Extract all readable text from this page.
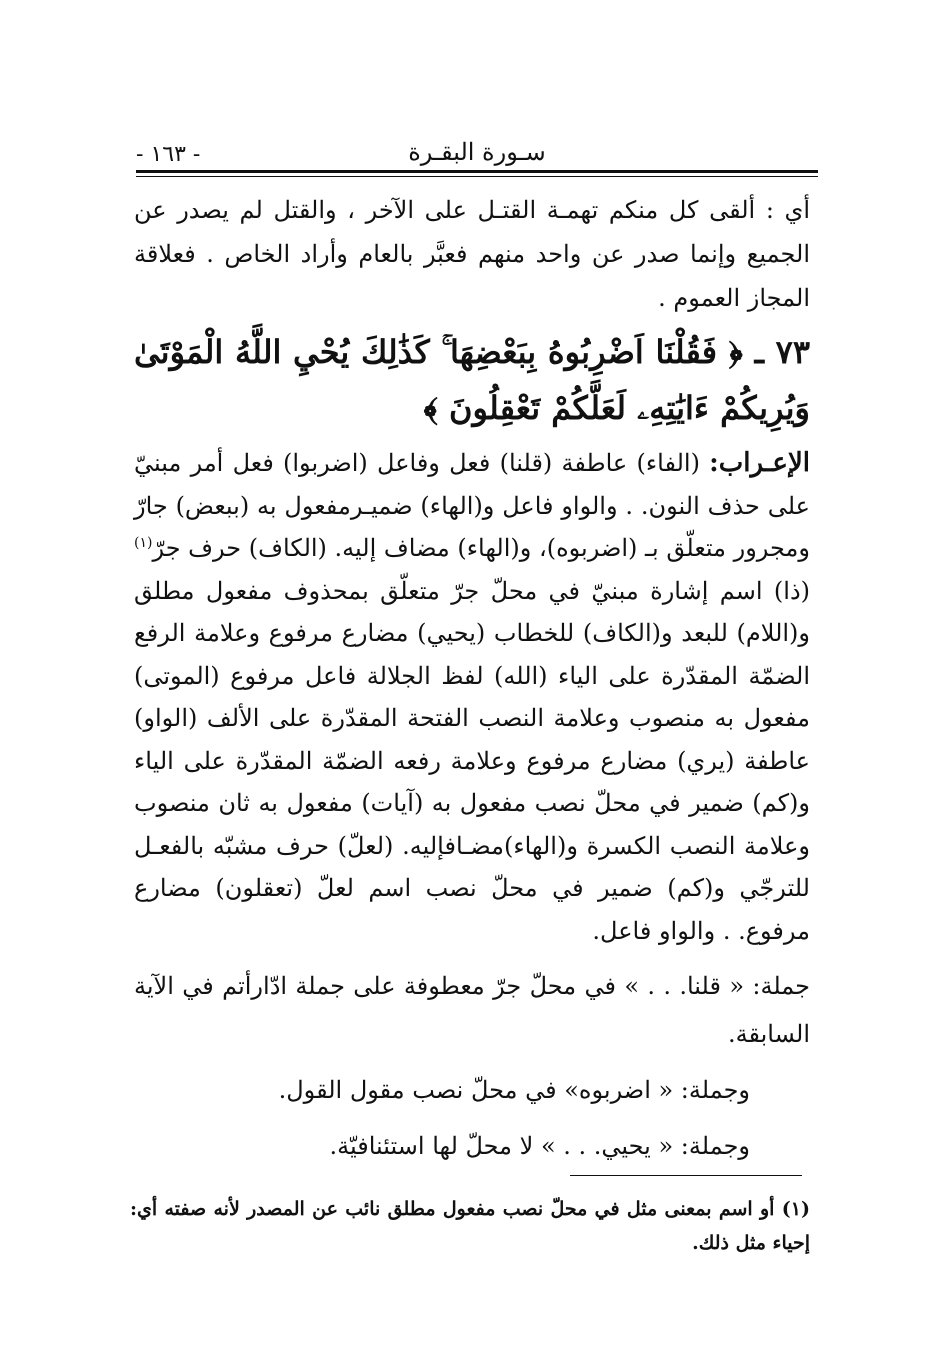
- ١٦٣ -	سـورة البقـرة

أي : ألقى كل منكم تهمـة القتـل على الآخر ، والقتل لم يصدر عن الجميع وإنما صدر عن واحد منهم فعبَّر بالعام وأراد الخاص . فعلاقة المجاز العموم .

٧٣ ـ ﴿ فَقُلْنَا اَضْرِبُوهُ بِبَعْضِهَا ۚ كَذَٰلِكَ يُحْيِ اللَّهُ الْمَوْتَىٰ وَيُرِيكُمْ ءَايَٰتِهِۦ لَعَلَّكُمْ تَعْقِلُونَ ﴾

الإعـراب: (الفاء) عاطفة (قلنا) فعل وفاعل (اضربوا) فعل أمر مبنيّ على حذف النون. . والواو فاعل و(الهاء) ضميـرمفعول به (ببعض) جارّ ومجرور متعلّق بـ (اضربوه)، و(الهاء) مضاف إليه. (الكاف) حرف جرّ$^{(١)}$ (ذا) اسم إشارة مبنيّ في محلّ جرّ متعلّق بمحذوف مفعول مطلق و(اللام) للبعد و(الكاف) للخطاب (يحيي) مضارع مرفوع وعلامة الرفع الضمّة المقدّرة على الياء (الله) لفظ الجلالة فاعل مرفوع (الموتى) مفعول به منصوب وعلامة النصب الفتحة المقدّرة على الألف (الواو) عاطفة (يري) مضارع مرفوع وعلامة رفعه الضمّة المقدّرة على الياء و(كم) ضمير في محلّ نصب مفعول به (آيات) مفعول به ثان منصوب وعلامة النصب الكسرة و(الهاء)مضـافإليه. (لعلّ) حرف مشبّه بالفعـل للترجّي و(كم) ضمير في محلّ نصب اسم لعلّ (تعقلون) مضارع مرفوع. . والواو فاعل.

جملة: « قلنا. . . » في محلّ جرّ معطوفة على جملة ادّارأتم في الآية السابقة.

وجملة: « اضربوه» في محلّ نصب مقول القول.

وجملة: « يحيي. . . » لا محلّ لها استئنافيّة.

(١) أو اسم بمعنى مثل في محلّ نصب مفعول مطلق نائب عن المصدر لأنه صفته أي: إحياء مثل ذلك.
